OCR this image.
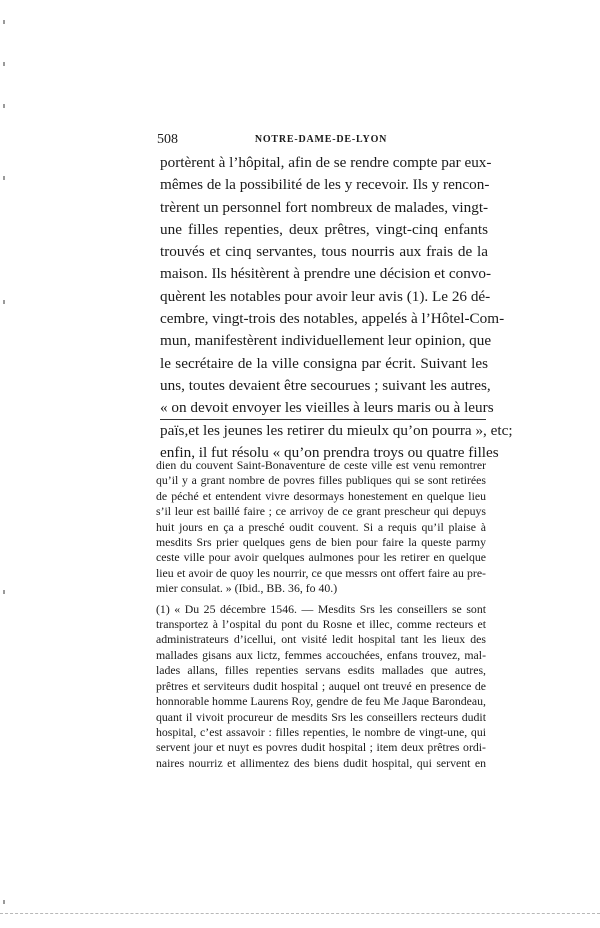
508	NOTRE-DAME-DE-LYON
portèrent à l’hôpital, afin de se rendre compte par eux-
mêmes de la possibilité de les y recevoir. Ils y rencon-
trèrent un personnel fort nombreux de malades, vingt-
une filles repenties, deux prêtres, vingt-cinq enfants
trouvés et cinq servantes, tous nourris aux frais de la
maison. Ils hésitèrent à prendre une décision et convo-
quèrent les notables pour avoir leur avis (1). Le 26 dé-
cembre, vingt-trois des notables, appelés à l’Hôtel-Com-
mun, manifestèrent individuellement leur opinion, que
le secrétaire de la ville consigna par écrit. Suivant les
uns, toutes devaient être secourues ; suivant les autres,
« on devoit envoyer les vieilles à leurs maris ou à leurs
païs,et les jeunes les retirer du mieulx qu’on pourra », etc;
enfin, il fut résolu « qu’on prendra troys ou quatre filles
dien du couvent Saint-Bonaventure de ceste ville est venu remontrer
qu’il y a grant nombre de povres filles publiques qui se sont retirées
de péché et entendent vivre desormays honestement en quelque lieu
s’il leur est baillé faire ; ce arrivoy de ce grant prescheur qui depuys
huit jours en ça a presché oudit couvent. Si a requis qu’il plaise à
mesdits Srs prier quelques gens de bien pour faire la queste parmy
ceste ville pour avoir quelques aulmones pour les retirer en quelque
lieu et avoir de quoy les nourrir, ce que messrs ont offert faire au pre-
mier consulat. » (Ibid., BB. 36, fo 40.)
(1) « Du 25 décembre 1546. — Mesdits Srs les conseillers se sont
transportez à l’ospital du pont du Rosne et illec, comme recteurs et
administrateurs d’icellui, ont visité ledit hospital tant les lieux des
mallades gisans aux lictz, femmes accouchées, enfans trouvez, mal-
lades allans, filles repenties servans esdits mallades que autres,
prêtres et serviteurs dudit hospital ; auquel ont treuvé en presence de
honnorable homme Laurens Roy, gendre de feu Me Jaque Barondeau,
quant il vivoit procureur de mesdits Srs les conseillers recteurs dudit
hospital, c’est assavoir : filles repenties, le nombre de vingt-une, qui
servent jour et nuyt es povres dudit hospital ; item deux prêtres ordi-
naires nourriz et allimentez des biens dudit hospital, qui servent en
